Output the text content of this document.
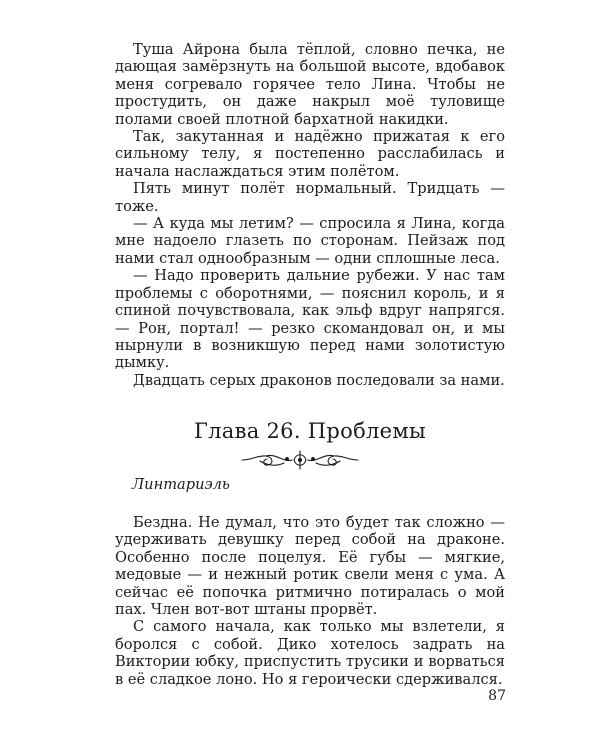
Туша Айрона была тёплой, словно печка, не дающая замёрзнуть на большой высоте, вдобавок меня согревало горячее тело Лина. Чтобы не простудить, он даже накрыл моё туловище полами своей плотной бархатной накидки.

Так, закутанная и надёжно прижатая к его сильному телу, я постепенно расслабилась и начала наслаждаться этим полётом.

Пять минут полёт нормальный. Тридцать — тоже.

— А куда мы летим? — спросила я Лина, когда мне надоело глазеть по сторонам. Пейзаж под нами стал однообразным — одни сплошные леса.

— Надо проверить дальние рубежи. У нас там проблемы с оборотнями, — пояснил король, и я спиной почувствовала, как эльф вдруг напрягся. — Рон, портал! — резко скомандовал он, и мы нырнули в возникшую перед нами золотистую дымку.

Двадцать серых драконов последовали за нами.

Глава 26. Проблемы

Линтариэль

Бездна. Не думал, что это будет так сложно — удерживать девушку перед собой на драконе. Особенно после поцелуя. Её губы — мягкие, медовые — и нежный ротик свели меня с ума. А сейчас её попочка ритмично потиралась о мой пах. Член вот-вот штаны прорвёт.

С самого начала, как только мы взлетели, я боролся с собой. Дико хотелось задрать на Виктории юбку, приспустить трусики и ворваться в её сладкое лоно. Но я героически сдерживался.

87
